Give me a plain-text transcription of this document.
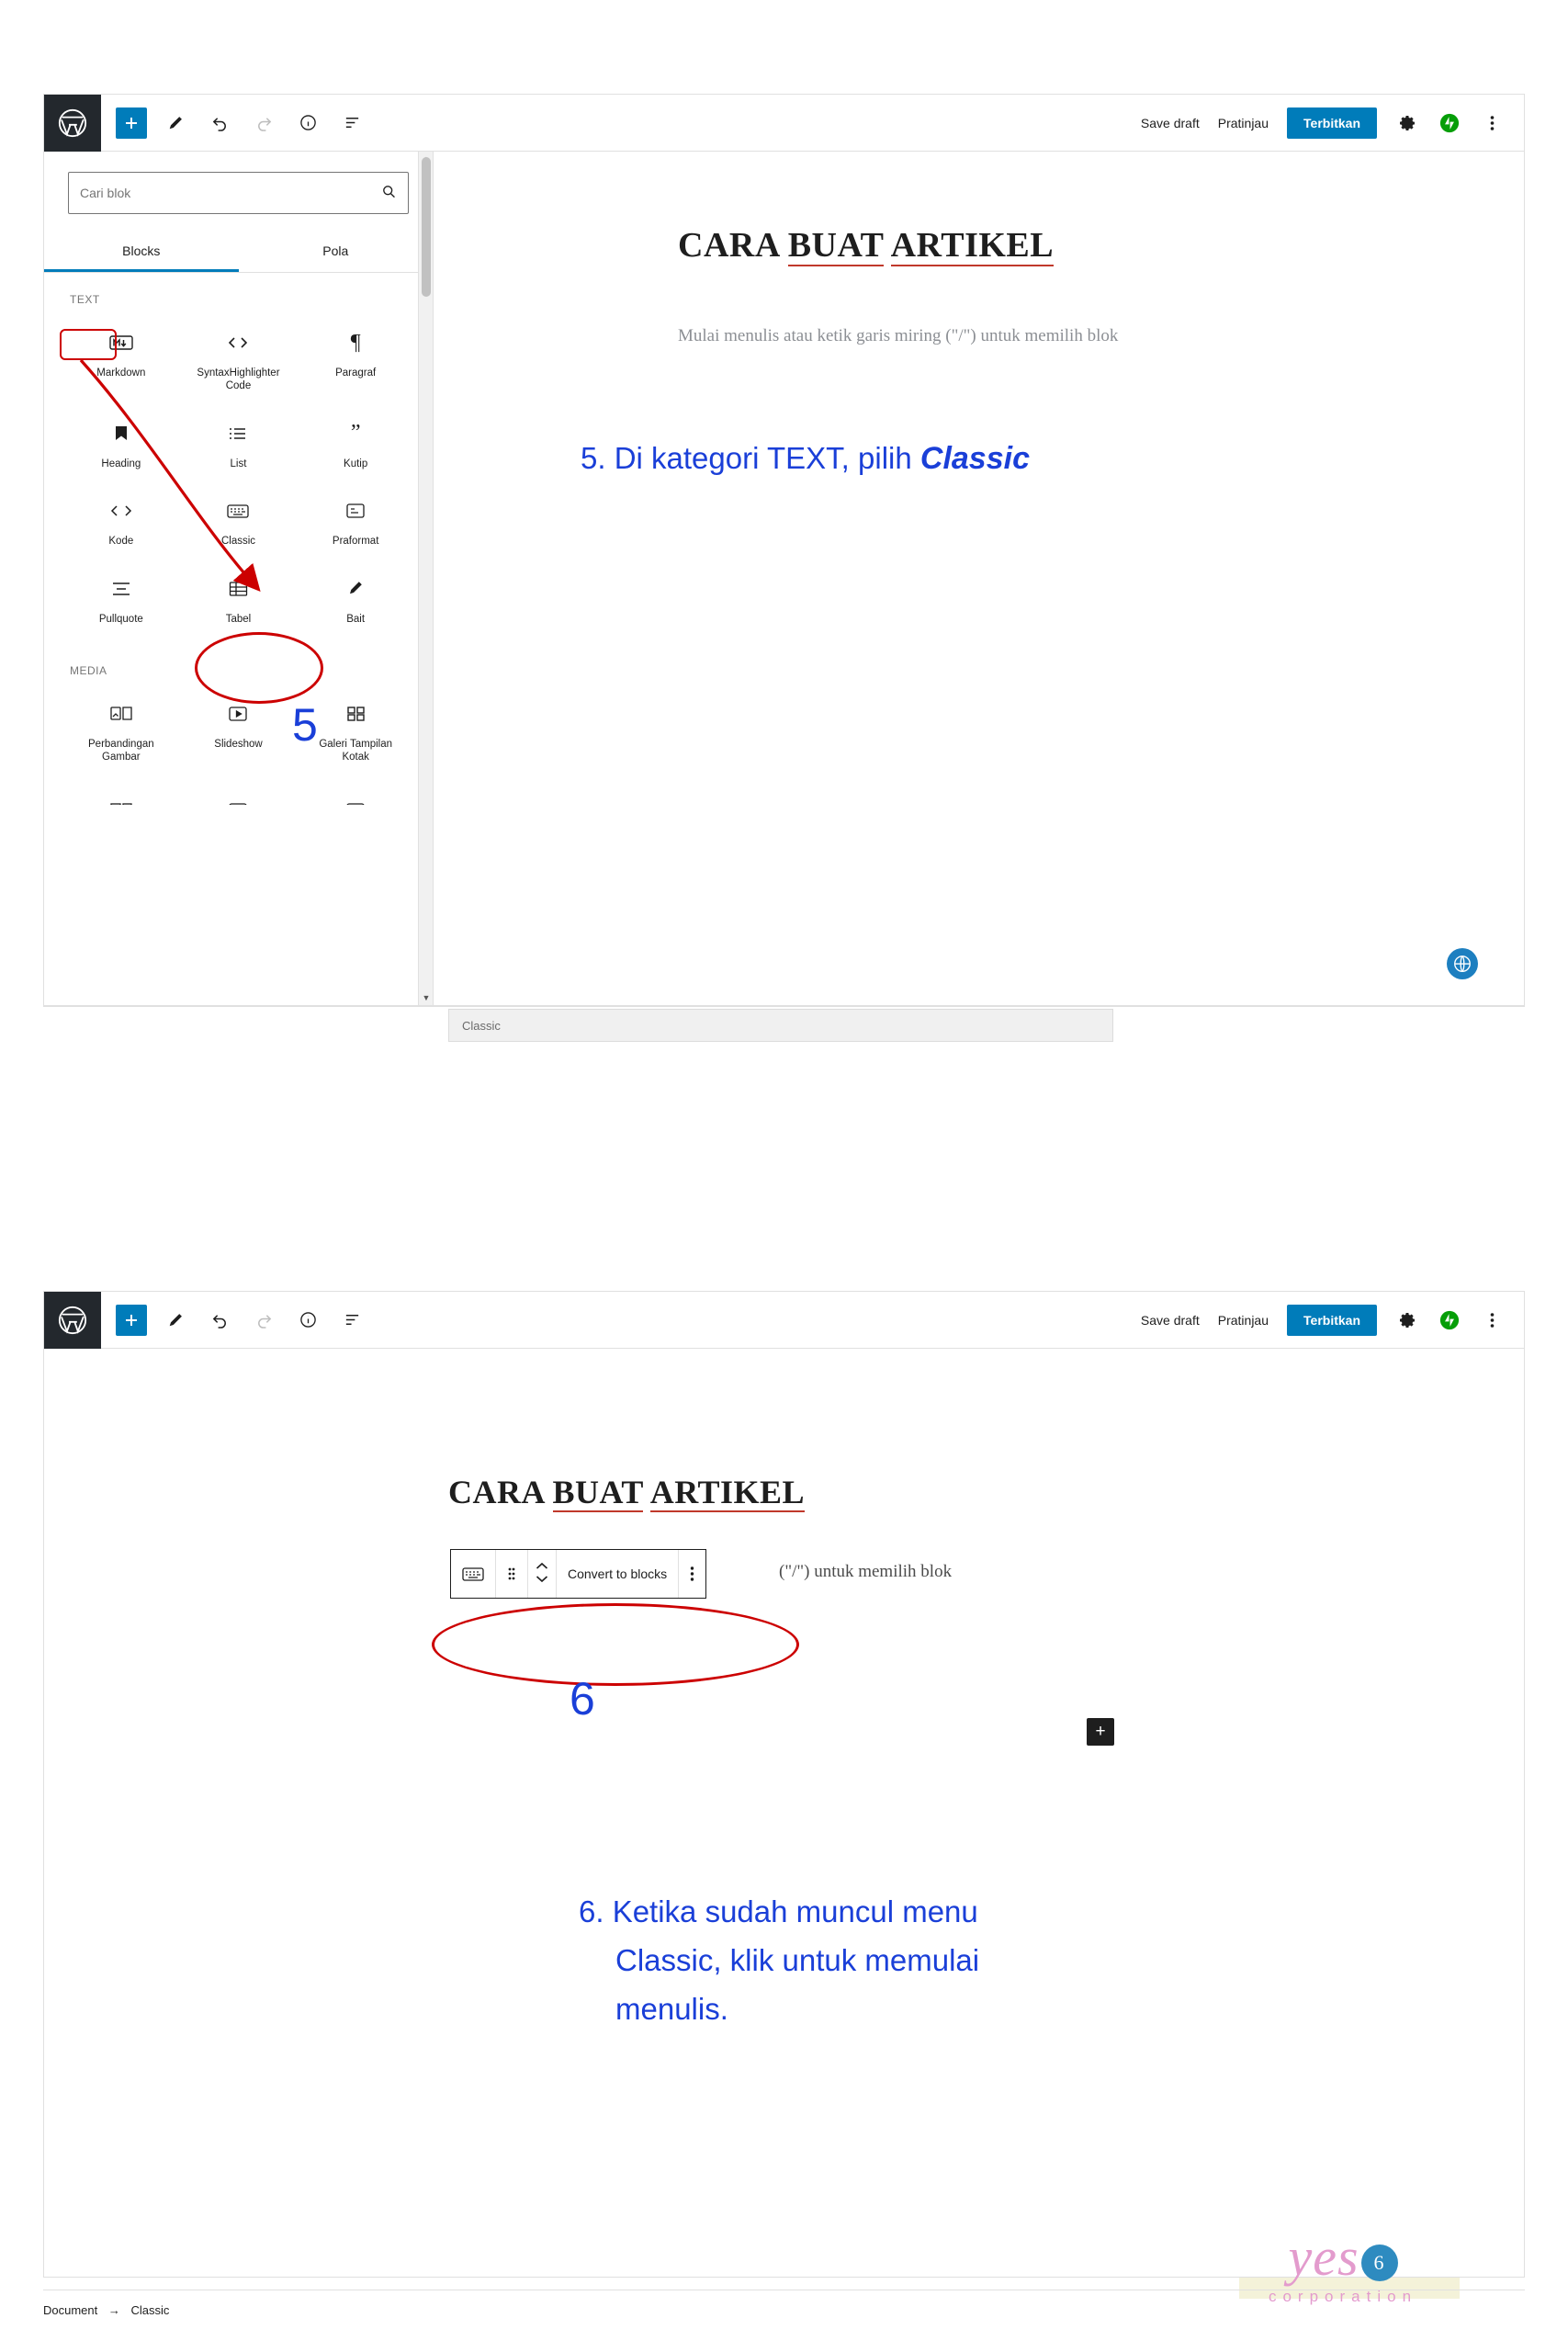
Save draft Pratinjau	Terbitkan
Cari blok
Blocks	Pola
TEXT
Markdown	SyntaxHighlighter Code
¶
Paragraf
Heading	List
”
Kutip
Kode	Classic	Praformat
Pullquote	Tabel	Bait
MEDIA
Perbandingan Gambar
Slideshow	Galeri Tampilan Kotak
▼
CARA BUAT ARTIKEL
Mulai menulis atau ketik garis miring ("/") untuk memilih blok
5. Di kategori TEXT, pilih Classic
5
Save draft Pratinjau	Terbitkan
CARA BUAT ARTIKEL
Convert to blocks	("/") untuk memilih blok
+
Classic
6
6. Ketika sudah muncul menu
Classic, klik untuk memulai
menulis.
Document → Classic
yes 6
corporation
